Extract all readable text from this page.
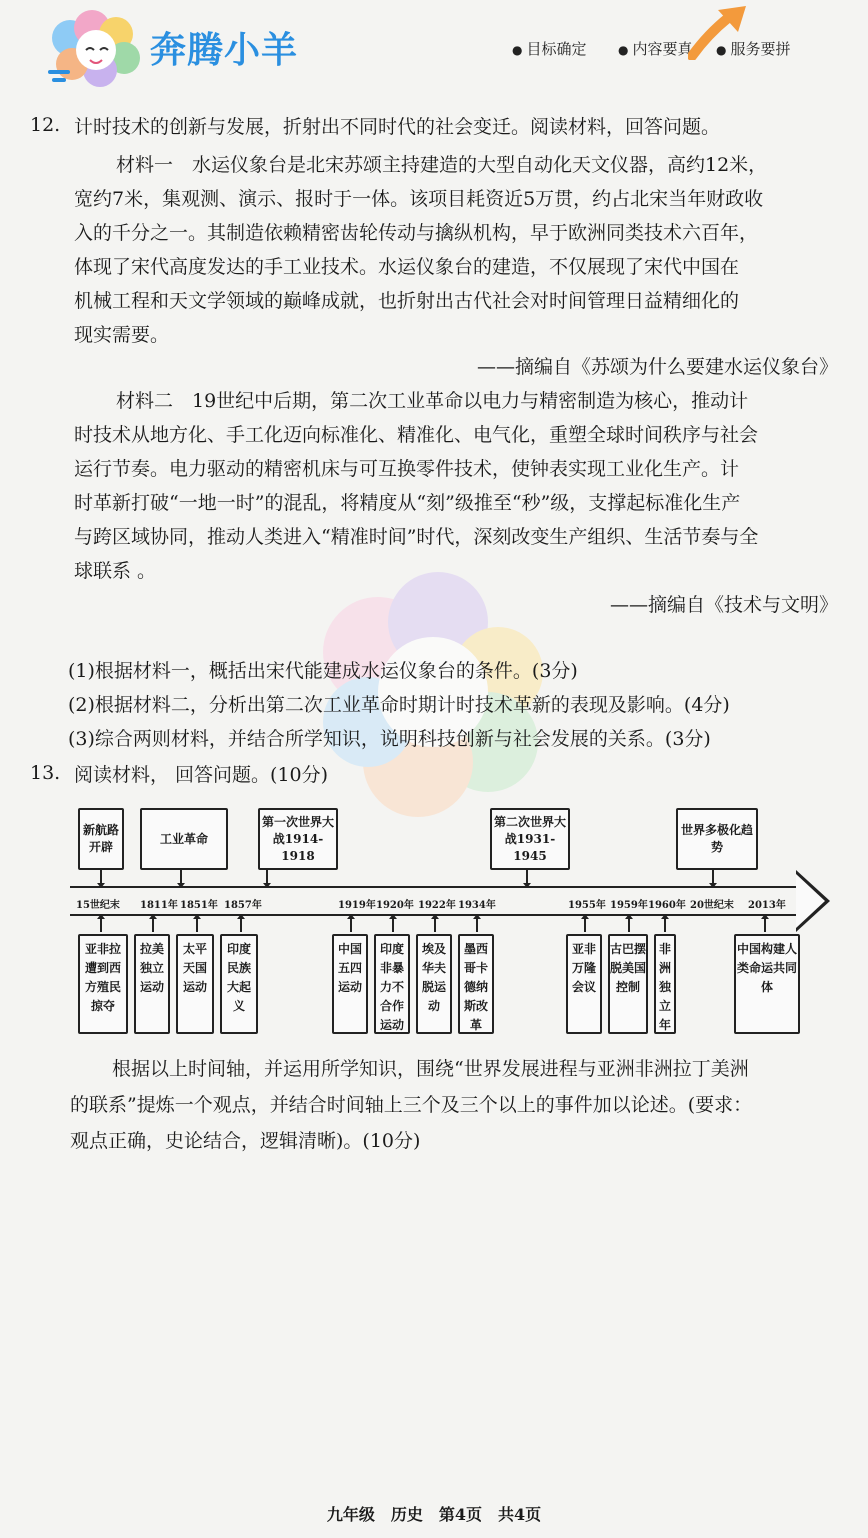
奔腾小羊	● 目标确定	● 内容要真	● 服务要拼
12. 计时技术的创新与发展，折射出不同时代的社会变迁。阅读材料，回答问题。
材料一　水运仪象台是北宋苏颂主持建造的大型自动化天文仪器，高约12米，
宽约7米，集观测、演示、报时于一体。该项目耗资近5万贯，约占北宋当年财政收
入的千分之一。其制造依赖精密齿轮传动与擒纵机构，早于欧洲同类技术六百年，
体现了宋代高度发达的手工业技术。水运仪象台的建造，不仅展现了宋代中国在
机械工程和天文学领域的巅峰成就，也折射出古代社会对时间管理日益精细化的
现实需要。
——摘编自《苏颂为什么要建水运仪象台》
材料二　19世纪中后期，第二次工业革命以电力与精密制造为核心，推动计
时技术从地方化、手工化迈向标准化、精准化、电气化，重塑全球时间秩序与社会
运行节奏。电力驱动的精密机床与可互换零件技术，使钟表实现工业化生产。计
时革新打破“一地一时”的混乱，将精度从“刻”级推至“秒”级，支撑起标准化生产
与跨区域协同，推动人类进入“精准时间”时代，深刻改变生产组织、生活节奏与全
球联系 。
——摘编自《技术与文明》
(1)根据材料一，概括出宋代能建成水运仪象台的条件。(3分)
(2)根据材料二，分析出第二次工业革命时期计时技术革新的表现及影响。(4分)
(3)综合两则材料，并结合所学知识，说明科技创新与社会发展的关系。(3分)
13. 阅读材料， 回答问题。(10分)
新航路开辟
工业革命
第一次世界大战1914-1918
第二次世界大战1931-1945
世界多极化趋势
15世纪末 1811年 1851年 1857年	1919年 1920年 1922年 1934年	1955年 1959年 1960年 20世纪末 2013年
亚非拉遭到西方殖民掠夺
拉美独立运动
太平天国运动
印度民族大起义
中国五四运动
印度非暴力不合作运动
埃及华夫脱运动
墨西哥卡德纳斯改革
亚非万隆会议
古巴摆脱美国控制
非洲独立年
中国构建人类命运共同体
根据以上时间轴，并运用所学知识，围绕“世界发展进程与亚洲非洲拉丁美洲
的联系”提炼一个观点，并结合时间轴上三个及三个以上的事件加以论述。(要求：
观点正确，史论结合，逻辑清晰)。(10分)
九年级　历史　第4页　共4页
